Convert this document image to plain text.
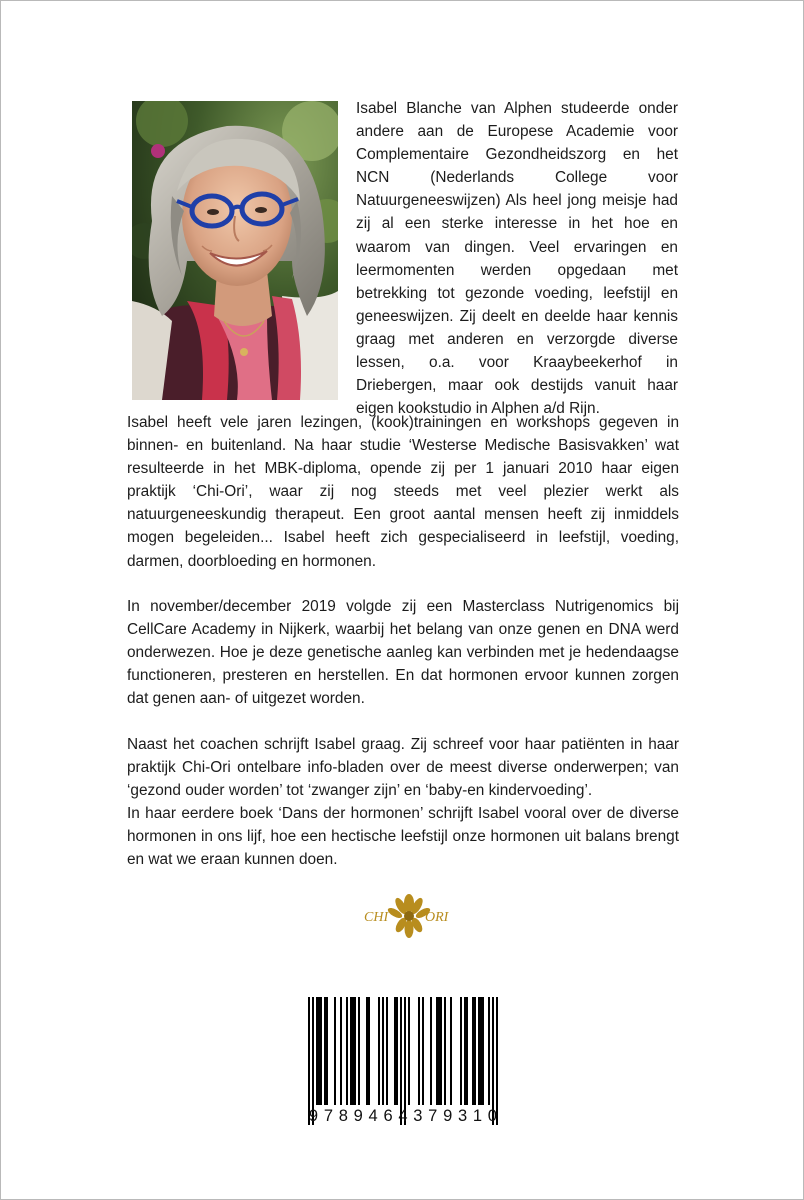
Isabel Blanche van Alphen studeerde onder andere aan de Europese Academie voor Complementaire Gezondheidszorg en het NCN (Nederlands College voor Natuurgeneeswijzen) Als heel jong meisje had zij al een sterke interesse in het hoe en waarom van dingen. Veel ervaringen en leermomenten werden opgedaan met betrekking tot gezonde voeding, leefstijl en geneeswijzen. Zij deelt en deelde haar kennis graag met anderen en verzorgde diverse lessen, o.a. voor Kraaybeekerhof in Driebergen, maar ook destijds vanuit haar eigen kookstudio in Alphen a/d Rijn.

Isabel heeft vele jaren lezingen, (kook)trainingen en workshops gegeven in binnen- en buitenland. Na haar studie ‘Westerse Medische Basisvakken’ wat resulteerde in het MBK-diploma, opende zij per 1 januari 2010 haar eigen praktijk ‘Chi-Ori’, waar zij nog steeds met veel plezier werkt als natuurgeneeskundig therapeut. Een groot aantal mensen heeft zij inmiddels mogen begeleiden... Isabel heeft zich gespecialiseerd in leefstijl, voeding, darmen, doorbloeding en hormonen.

In november/december 2019 volgde zij een Masterclass Nutrigenomics bij CellCare Academy in Nijkerk, waarbij het belang van onze genen en DNA werd onderwezen. Hoe je deze genetische aanleg kan verbinden met je hedendaagse functioneren, presteren en herstellen. En dat hormonen ervoor kunnen zorgen dat genen aan- of uitgezet worden.

Naast het coachen schrijft Isabel graag. Zij schreef voor haar patiënten in haar praktijk Chi-Ori ontelbare info-bladen over de meest diverse onderwerpen; van ‘gezond ouder worden’ tot ‘zwanger zijn’ en ‘baby-en kindervoeding’.

In haar eerdere boek ‘Dans der hormonen’ schrijft Isabel vooral over de diverse hormonen in ons lijf, hoe een hectische leefstijl onze hormonen uit balans brengt en wat we eraan kunnen doen.

CHI	ORI
9 7 8 9 4 6 4 3 7 9 3 1 0
